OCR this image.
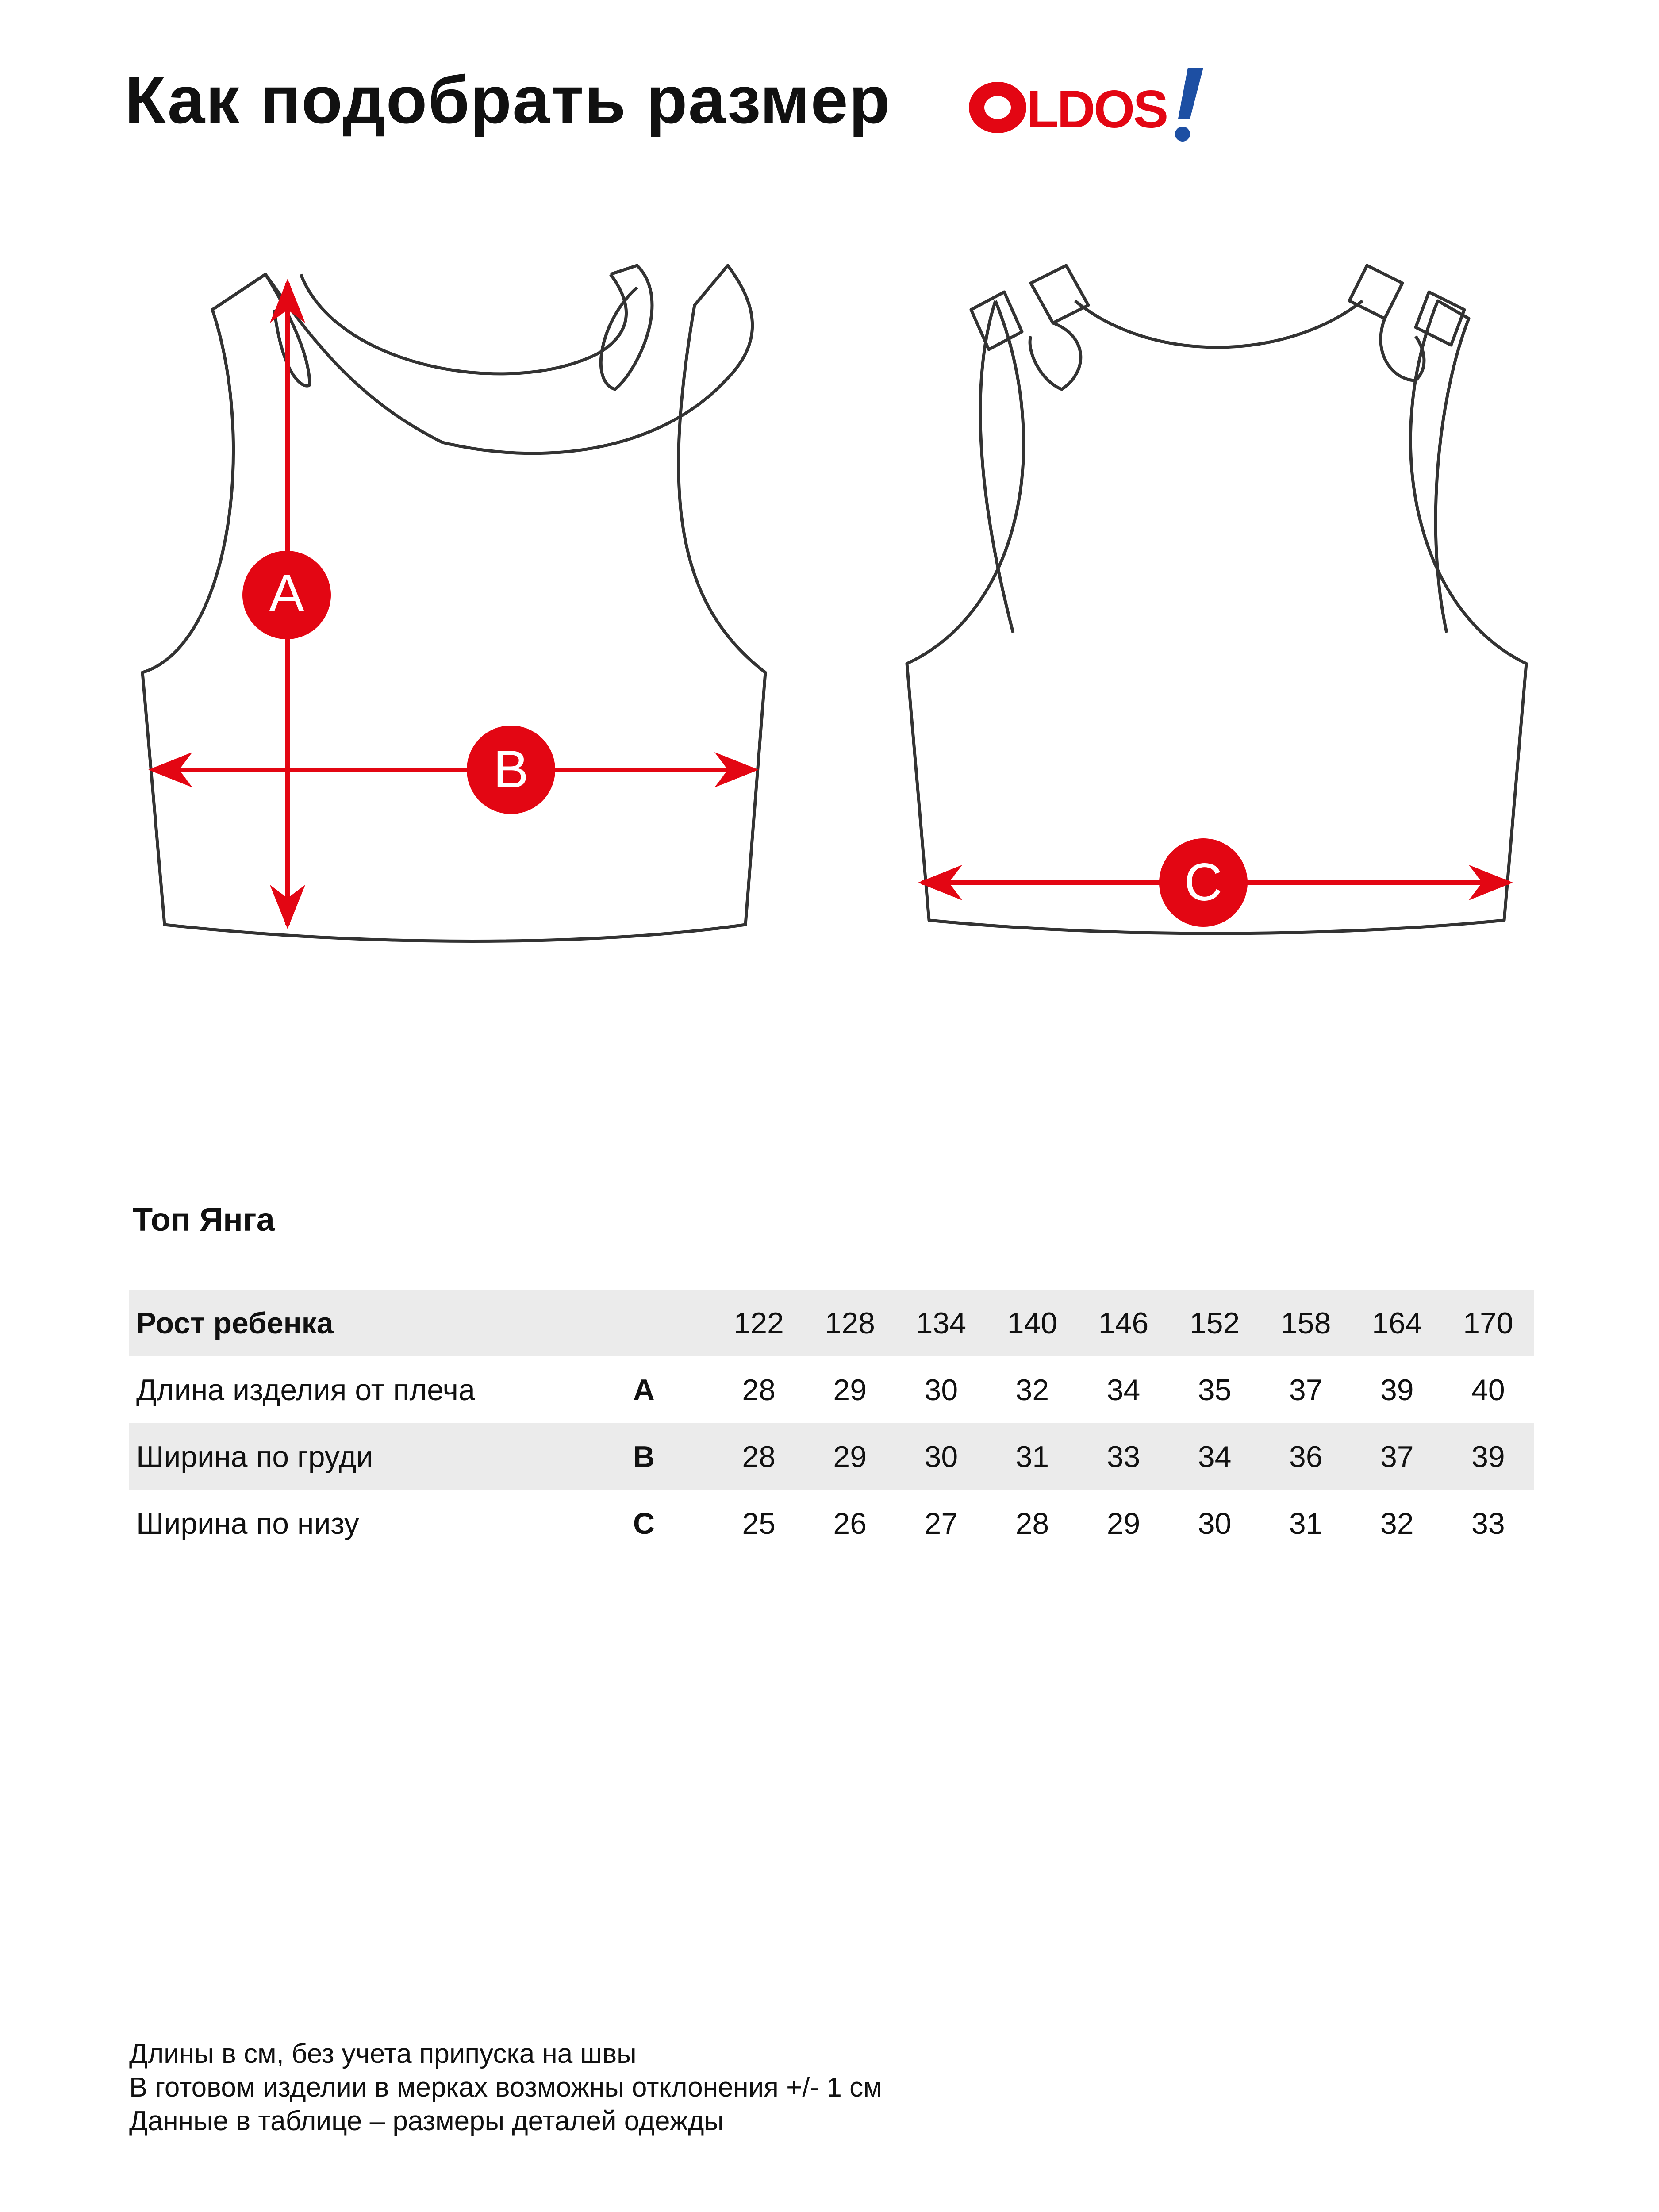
Как подобрать размер	LDOS
A
B
C
Топ Янга
Рост ребенка		122	128	134	140	146	152	158	164	170
Длина изделия от плеча	A	28	29	30	32	34	35	37	39	40
Ширина по груди	B	28	29	30	31	33	34	36	37	39
Ширина по низу	C	25	26	27	28	29	30	31	32	33
Длины в см, без учета припуска на швы
В готовом изделии в мерках возможны отклонения +/- 1 см
Данные в таблице – размеры деталей одежды
